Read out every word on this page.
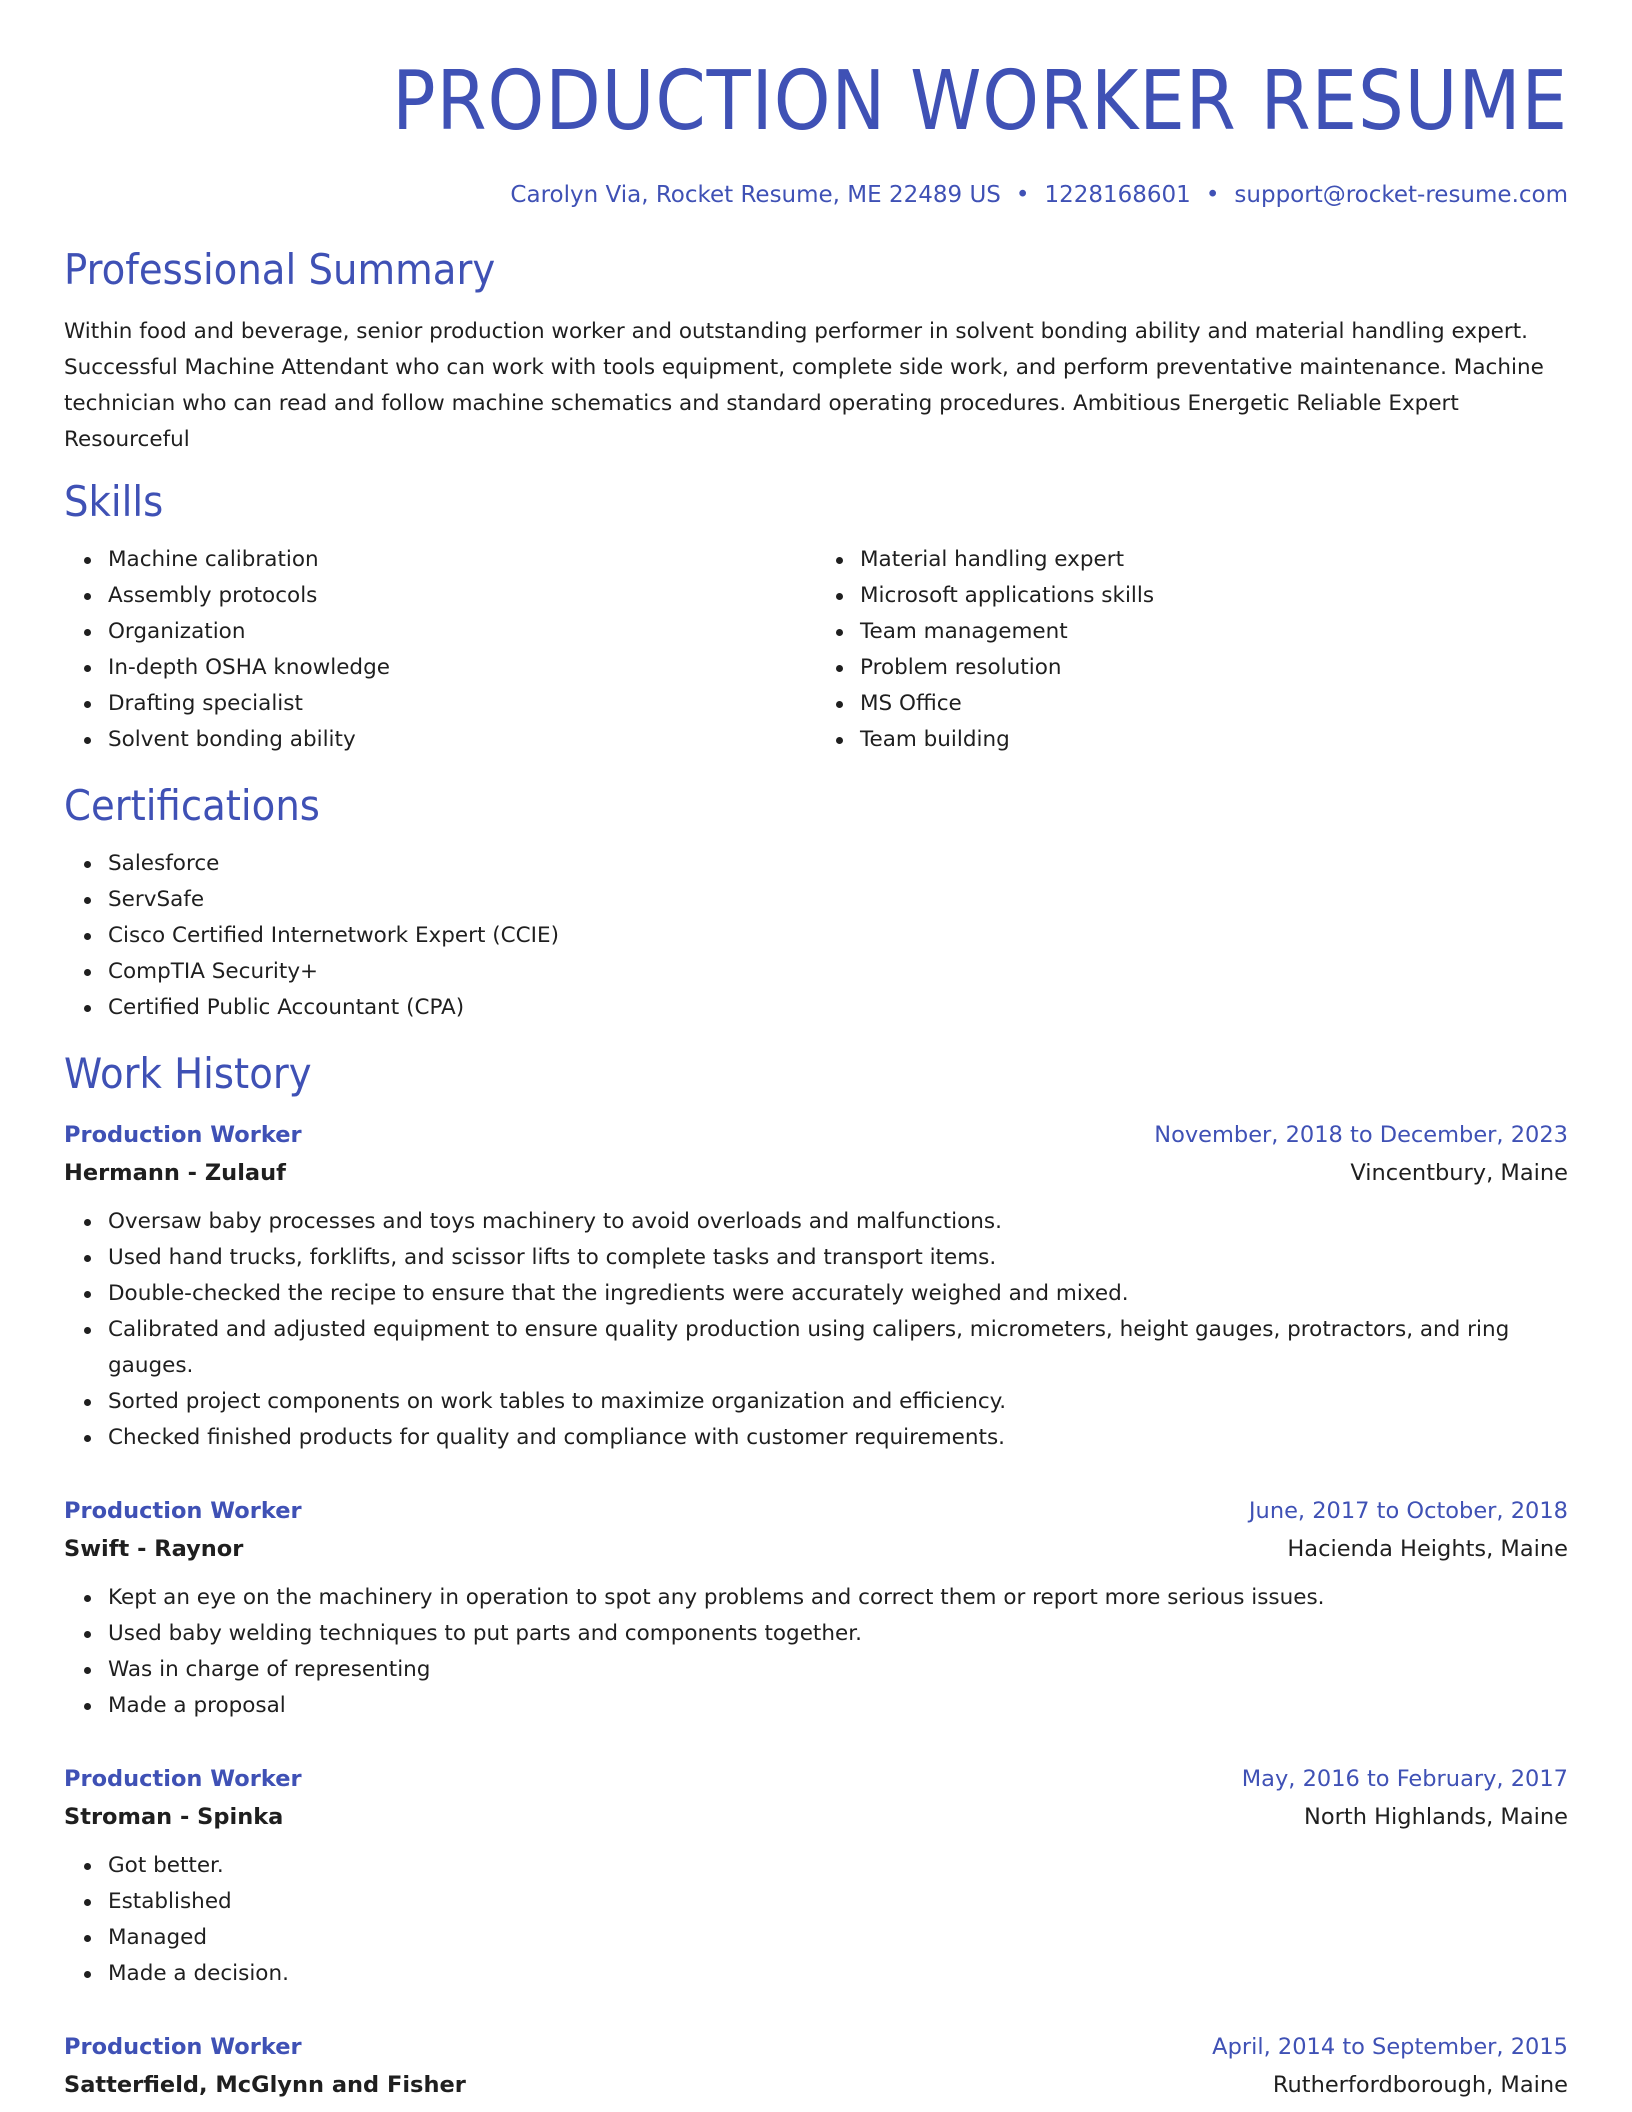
PRODUCTION WORKER RESUME
Carolyn Via, Rocket Resume, ME 22489 US • 1228168601 • support@rocket-resume.com
Professional Summary
Within food and beverage, senior production worker and outstanding performer in solvent bonding ability and material handling expert. Successful Machine Attendant who can work with tools equipment, complete side work, and perform preventative maintenance. Machine technician who can read and follow machine schematics and standard operating procedures. Ambitious Energetic Reliable Expert Resourceful
Skills
Machine calibration
Assembly protocols
Organization
In-depth OSHA knowledge
Drafting specialist
Solvent bonding ability
Material handling expert
Microsoft applications skills
Team management
Problem resolution
MS Office
Team building
Certifications
Salesforce
ServSafe
Cisco Certified Internetwork Expert (CCIE)
CompTIA Security+
Certified Public Accountant (CPA)
Work History
Production Worker	November, 2018 to December, 2023
Hermann - Zulauf	Vincentbury, Maine
Oversaw baby processes and toys machinery to avoid overloads and malfunctions.
Used hand trucks, forklifts, and scissor lifts to complete tasks and transport items.
Double-checked the recipe to ensure that the ingredients were accurately weighed and mixed.
Calibrated and adjusted equipment to ensure quality production using calipers, micrometers, height gauges, protractors, and ring gauges.
Sorted project components on work tables to maximize organization and efficiency.
Checked finished products for quality and compliance with customer requirements.
Production Worker	June, 2017 to October, 2018
Swift - Raynor	Hacienda Heights, Maine
Kept an eye on the machinery in operation to spot any problems and correct them or report more serious issues.
Used baby welding techniques to put parts and components together.
Was in charge of representing
Made a proposal
Production Worker	May, 2016 to February, 2017
Stroman - Spinka	North Highlands, Maine
Got better.
Established
Managed
Made a decision.
Production Worker	April, 2014 to September, 2015
Satterfield, McGlynn and Fisher	Rutherfordborough, Maine
